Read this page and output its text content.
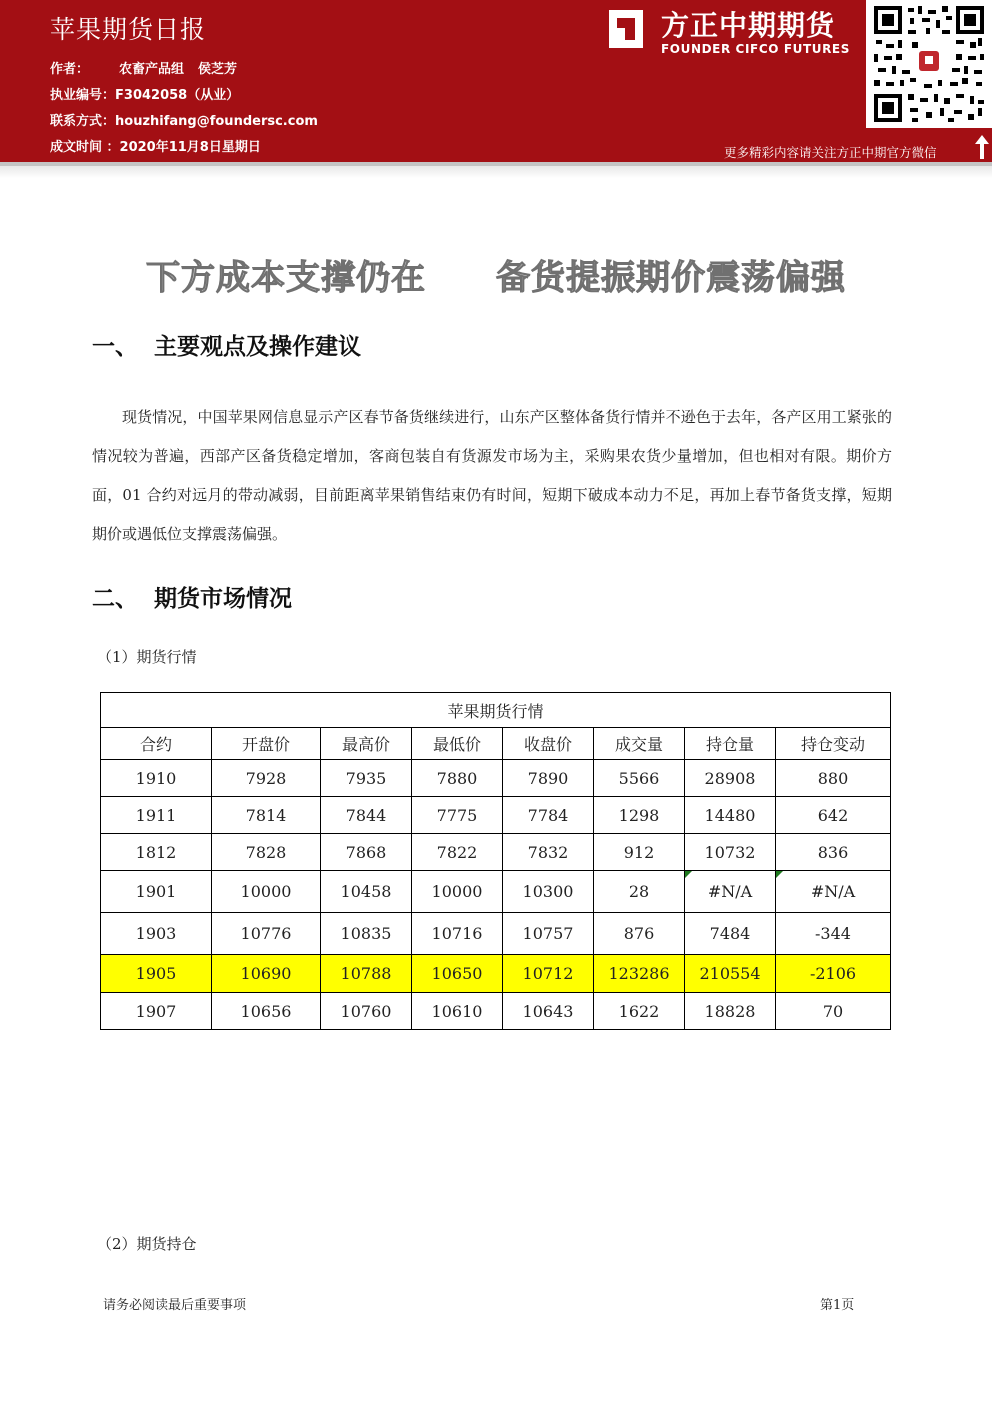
苹果期货日报
作者： 农畜产品组 侯芝芳
执业编号：F3042058（从业）
联系方式：houzhifang@foundersc.com
成文时间 ：2020年11月8日星期日
方正中期期货
FOUNDER CIFCO FUTURES
更多精彩内容请关注方正中期官方微信
下方成本支撑仍在 备货提振期价震荡偏强
一、 主要观点及操作建议
现货情况，中国苹果网信息显示产区春节备货继续进行，山东产区整体备货行情并不逊色于去年，各产区用工紧张的情况较为普遍，西部产区备货稳定增加，客商包装自有货源发市场为主，采购果农货少量增加，但也相对有限。期价方面，01 合约对远月的带动减弱，目前距离苹果销售结束仍有时间，短期下破成本动力不足，再加上春节备货支撑，短期期价或遇低位支撑震荡偏强。
二、 期货市场情况
（1）期货行情
苹果期货行情							
合约	开盘价	最高价	最低价	收盘价	成交量	持仓量	持仓变动
1910	7928	7935	7880	7890	5566	28908	880
1911	7814	7844	7775	7784	1298	14480	642
1812	7828	7868	7822	7832	912	10732	836
1901	10000	10458	10000	10300	28	#N/A	#N/A
1903	10776	10835	10716	10757	876	7484	-344
1905	10690	10788	10650	10712	123286	210554	-2106
1907	10656	10760	10610	10643	1622	18828	70
（2）期货持仓
请务必阅读最后重要事项	第1页
